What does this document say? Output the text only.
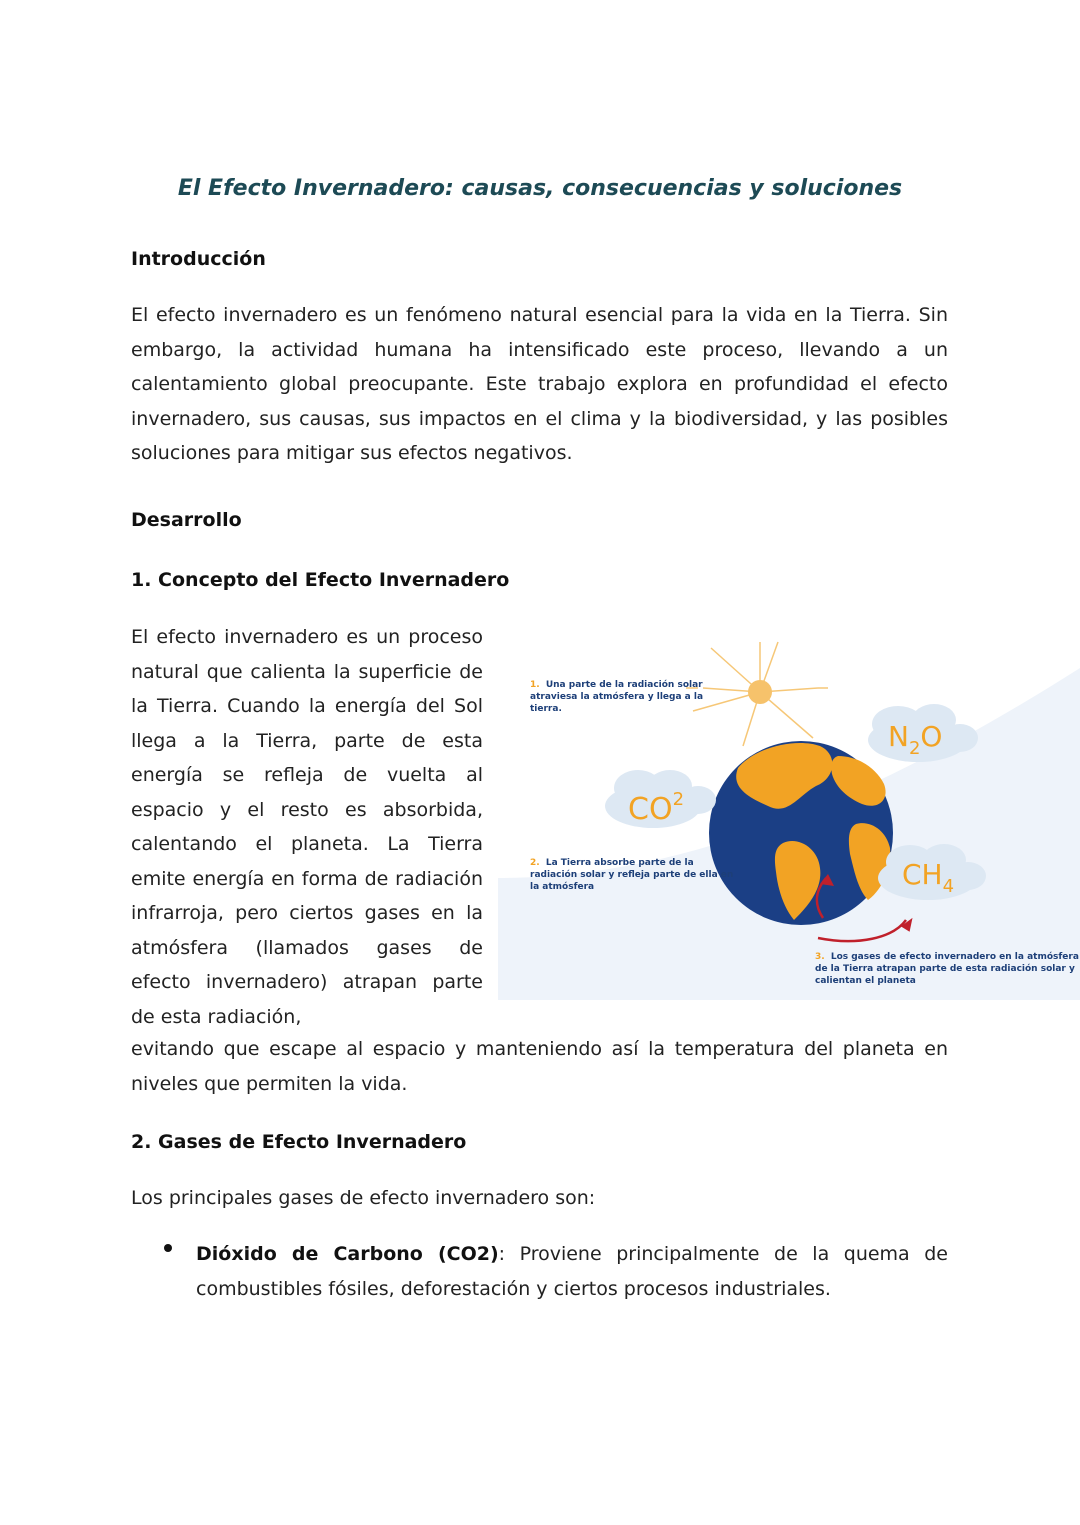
El Efecto Invernadero: causas, consecuencias y soluciones
Introducción
El efecto invernadero es un fenómeno natural esencial para la vida en la Tierra. Sin embargo, la actividad humana ha intensificado este proceso, llevando a un calentamiento global preocupante. Este trabajo explora en profundidad el efecto invernadero, sus causas, sus impactos en el clima y la biodiversidad, y las posibles soluciones para mitigar sus efectos negativos.
Desarrollo
1. Concepto del Efecto Invernadero
El efecto invernadero es un proceso natural que calienta la superficie de la Tierra. Cuando la energía del Sol llega a la Tierra, parte de esta energía se refleja de vuelta al espacio y el resto es absorbida, calentando el planeta. La Tierra emite energía en forma de radiación infrarroja, pero ciertos gases en la atmósfera (llamados gases de efecto invernadero) atrapan parte de esta radiación,
evitando que escape al espacio y manteniendo así la temperatura del planeta en niveles que permiten la vida.
$CO^2$
$N_2O$
$CH_4$
1. Una parte de la radiación solar
atraviesa la atmósfera y llega a la
tierra.
2. La Tierra absorbe parte de la
radiación solar y refleja parte de ella en
la atmósfera
3. Los gases de efecto invernadero en la atmósfera
de la Tierra atrapan parte de esta radiación solar y
calientan el planeta
2. Gases de Efecto Invernadero
Los principales gases de efecto invernadero son:
Dióxido de Carbono (CO2): Proviene principalmente de la quema de combustibles fósiles, deforestación y ciertos procesos industriales.
